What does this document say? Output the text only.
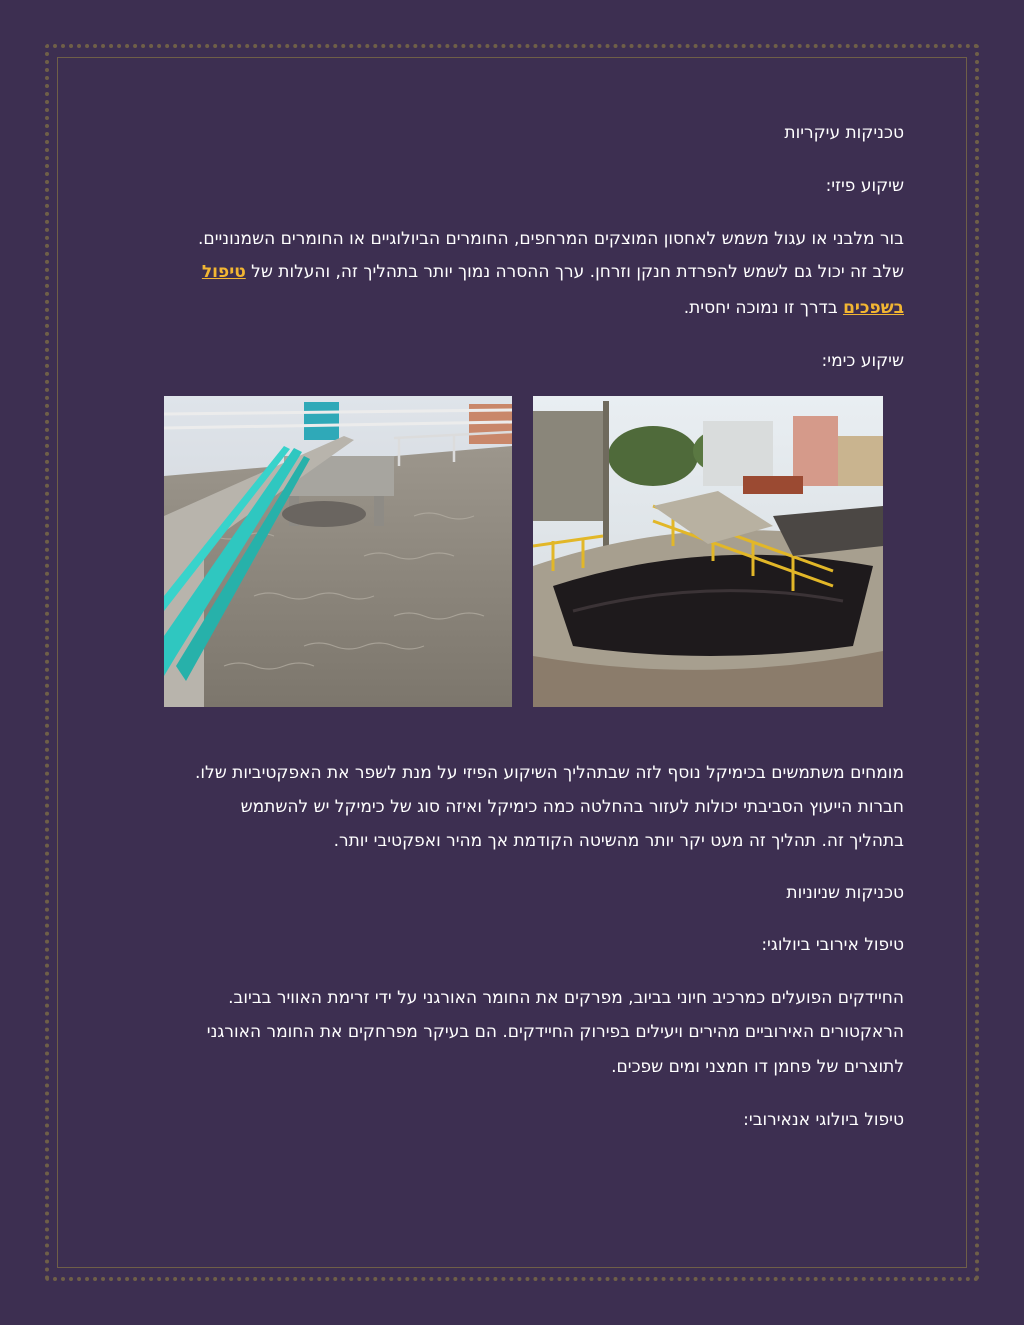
טכניקות עיקריות
שיקוע פיזי:
בור מלבני או עגול משמש לאחסון המוצקים המרחפים, החומרים הביולוגיים או החומרים השמנוניים.
שלב זה יכול גם לשמש להפרדת חנקן וזרחן. ערך ההסרה נמוך יותר בתהליך זה, והעלות של טיפול
בשפכים בדרך זו נמוכה יחסית.
שיקוע כימי:
מומחים משתמשים בכימיקל נוסף לזה שבתהליך השיקוע הפיזי על מנת לשפר את האפקטיביות שלו.
חברות הייעוץ הסביבתי יכולות לעזור בהחלטה כמה כימיקל ואיזה סוג של כימיקל יש להשתמש
בתהליך זה. תהליך זה מעט יקר יותר מהשיטה הקודמת אך מהיר ואפקטיבי יותר.
טכניקות שניוניות
טיפול אירובי ביולוגי:
החיידקים הפועלים כמרכיב חיוני בביוב, מפרקים את החומר האורגני על ידי זרימת האוויר בביוב.
הראקטורים האירוביים מהירים ויעילים בפירוק החיידקים. הם בעיקר מפרחקים את החומר האורגני
לתוצרים של פחמן דו חמצני ומים שפכים.
טיפול ביולוגי אנאירובי:
